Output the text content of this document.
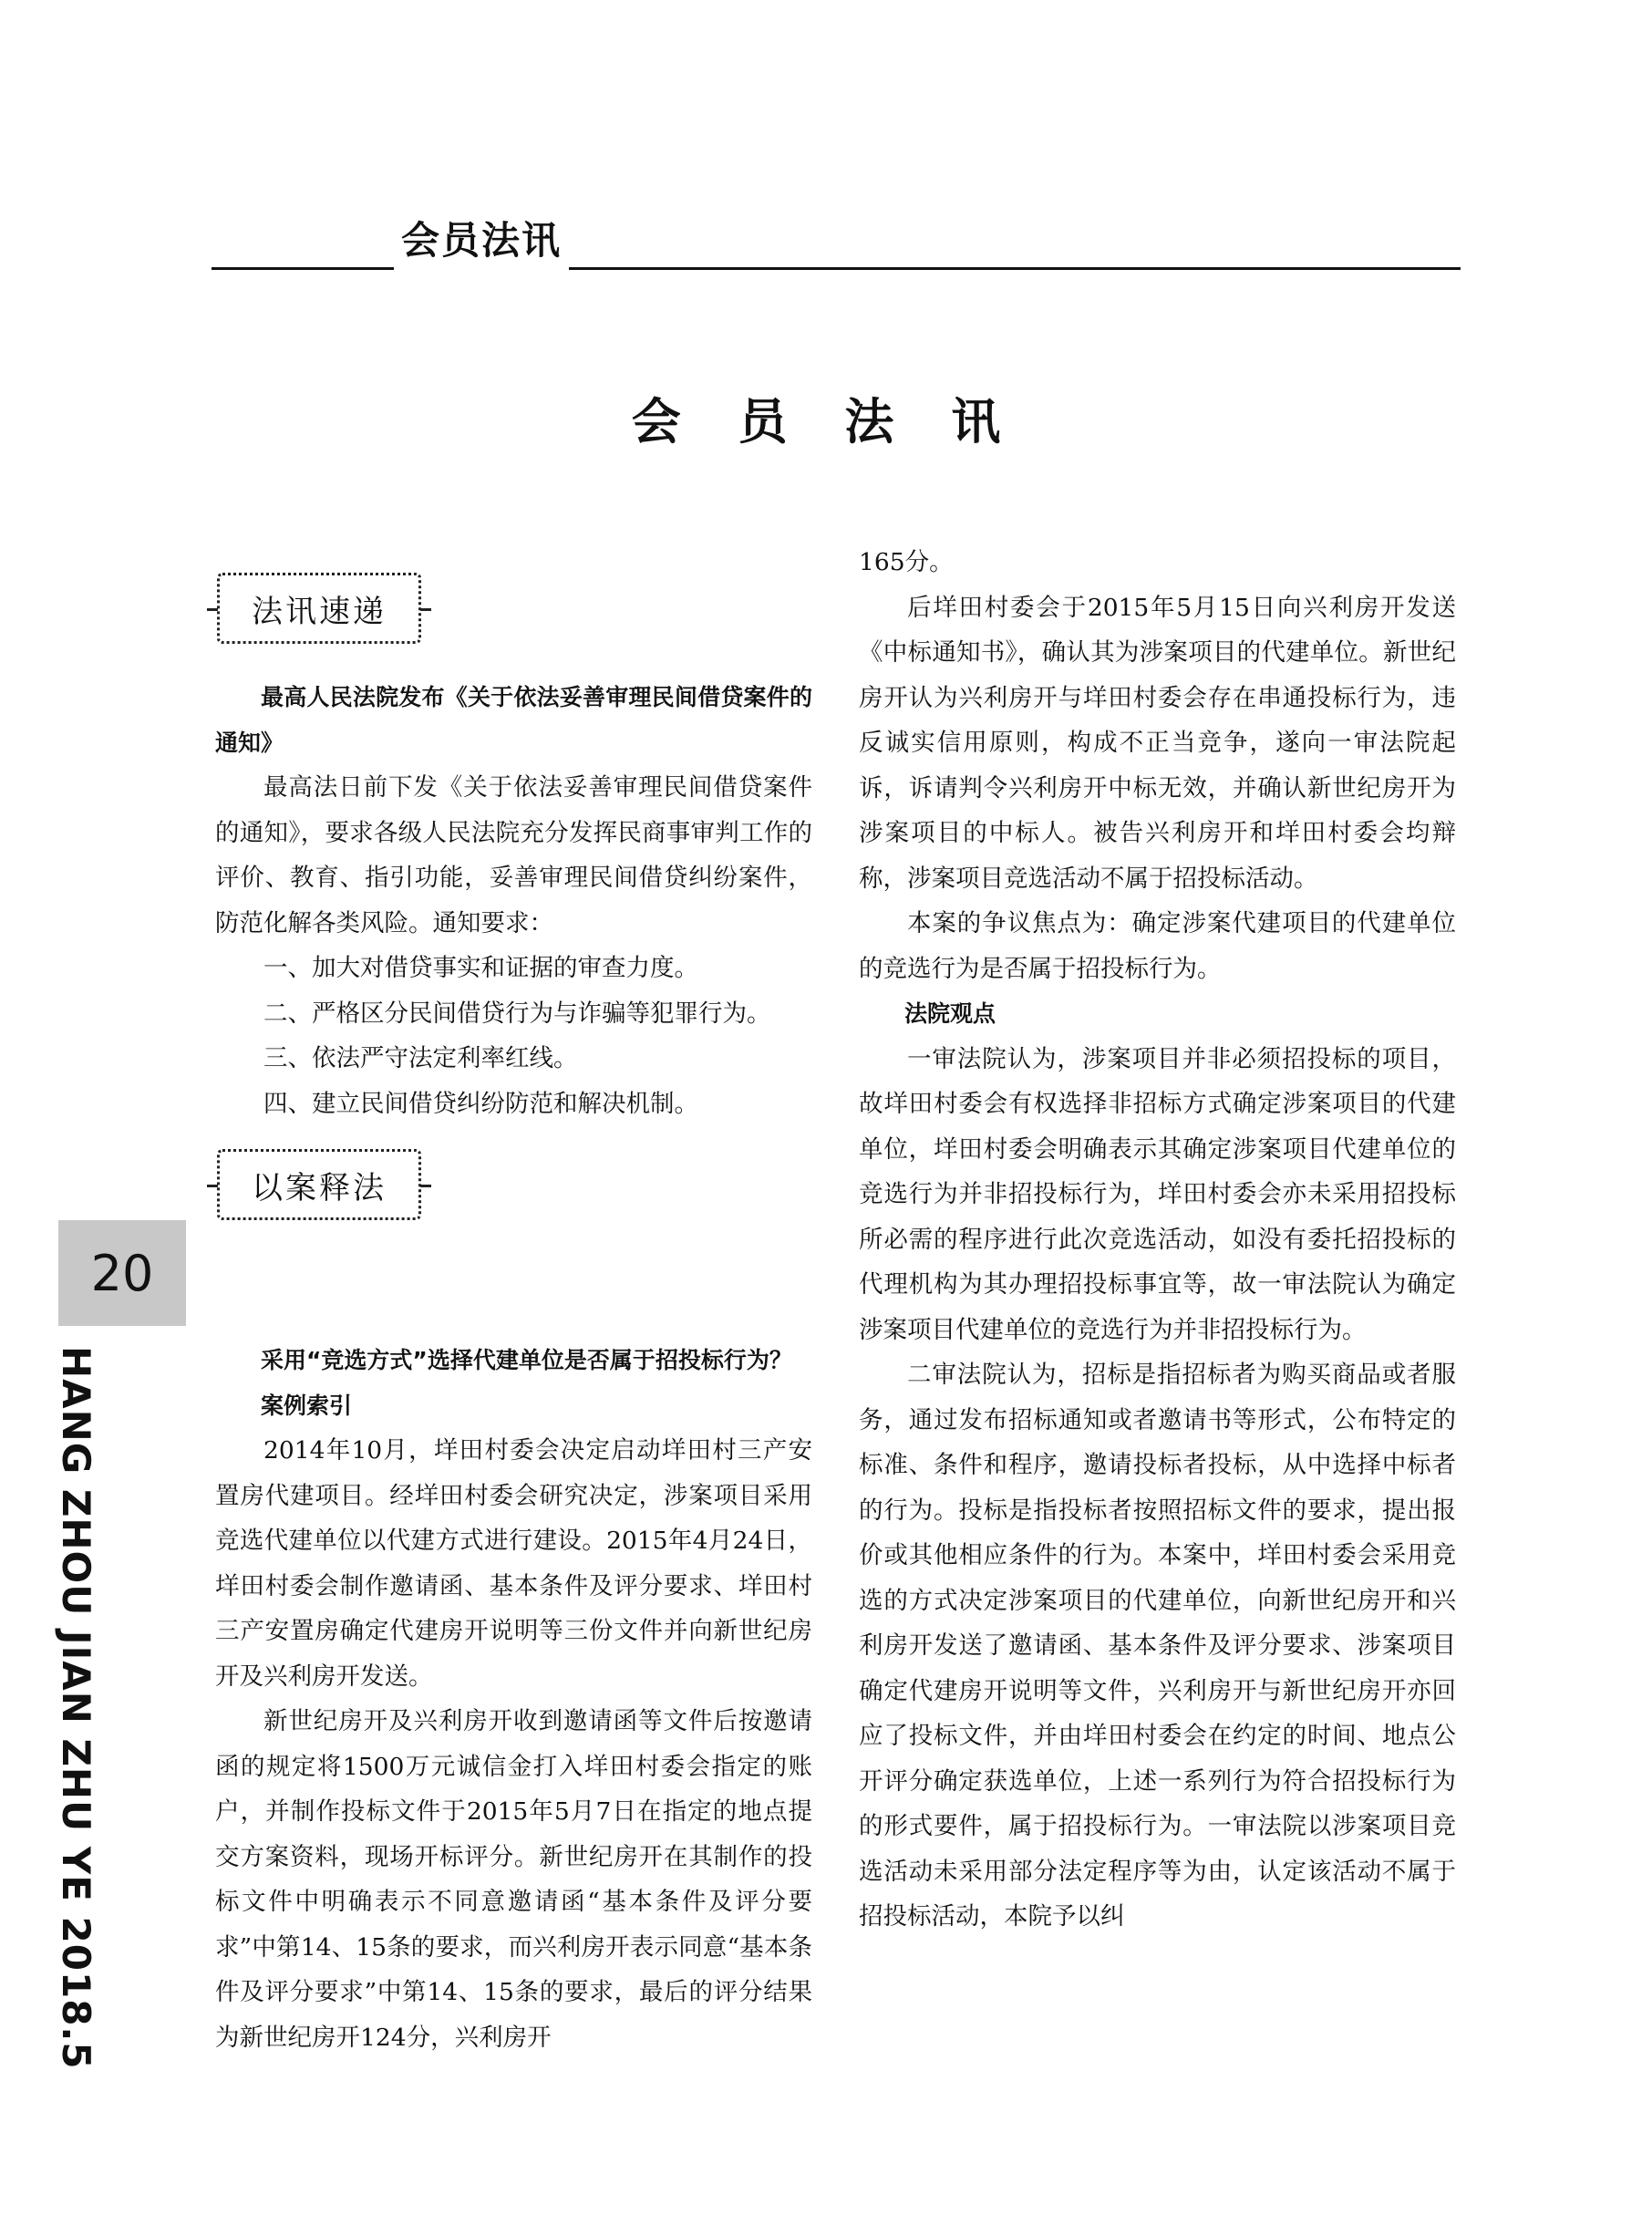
会员法讯
会 员 法 讯
法讯速递

最高人民法院发布《关于依法妥善审理民间借贷案件的通知》

最高法日前下发《关于依法妥善审理民间借贷案件的通知》，要求各级人民法院充分发挥民商事审判工作的评价、教育、指引功能，妥善审理民间借贷纠纷案件，防范化解各类风险。通知要求：

一、加大对借贷事实和证据的审查力度。

二、严格区分民间借贷行为与诈骗等犯罪行为。

三、依法严守法定利率红线。

四、建立民间借贷纠纷防范和解决机制。

采用“竞选方式”选择代建单位是否属于招投标行为？

案例索引

2014年10月，垟田村委会决定启动垟田村三产安置房代建项目。经垟田村委会研究决定，涉案项目采用竞选代建单位以代建方式进行建设。2015年4月24日，垟田村委会制作邀请函、基本条件及评分要求、垟田村三产安置房确定代建房开说明等三份文件并向新世纪房开及兴利房开发送。

新世纪房开及兴利房开收到邀请函等文件后按邀请函的规定将1500万元诚信金打入垟田村委会指定的账户，并制作投标文件于2015年5月7日在指定的地点提交方案资料，现场开标评分。新世纪房开在其制作的投标文件中明确表示不同意邀请函“基本条件及评分要求”中第14、15条的要求，而兴利房开表示同意“基本条件及评分要求”中第14、15条的要求，最后的评分结果为新世纪房开124分，兴利房开

以案释法

165分。

后垟田村委会于2015年5月15日向兴利房开发送《中标通知书》，确认其为涉案项目的代建单位。新世纪房开认为兴利房开与垟田村委会存在串通投标行为，违反诚实信用原则，构成不正当竞争，遂向一审法院起诉，诉请判令兴利房开中标无效，并确认新世纪房开为涉案项目的中标人。被告兴利房开和垟田村委会均辩称，涉案项目竞选活动不属于招投标活动。

本案的争议焦点为：确定涉案代建项目的代建单位的竞选行为是否属于招投标行为。

法院观点

一审法院认为，涉案项目并非必须招投标的项目，故垟田村委会有权选择非招标方式确定涉案项目的代建单位，垟田村委会明确表示其确定涉案项目代建单位的竞选行为并非招投标行为，垟田村委会亦未采用招投标所必需的程序进行此次竞选活动，如没有委托招投标的代理机构为其办理招投标事宜等，故一审法院认为确定涉案项目代建单位的竞选行为并非招投标行为。

二审法院认为，招标是指招标者为购买商品或者服务，通过发布招标通知或者邀请书等形式，公布特定的标准、条件和程序，邀请投标者投标，从中选择中标者的行为。投标是指投标者按照招标文件的要求，提出报价或其他相应条件的行为。本案中，垟田村委会采用竞选的方式决定涉案项目的代建单位，向新世纪房开和兴利房开发送了邀请函、基本条件及评分要求、涉案项目确定代建房开说明等文件，兴利房开与新世纪房开亦回应了投标文件，并由垟田村委会在约定的时间、地点公开评分确定获选单位，上述一系列行为符合招投标行为的形式要件，属于招投标行为。一审法院以涉案项目竞选活动未采用部分法定程序等为由，认定该活动不属于招投标活动，本院予以纠

20
HANG ZHOU JIAN ZHU YE 2018.5
